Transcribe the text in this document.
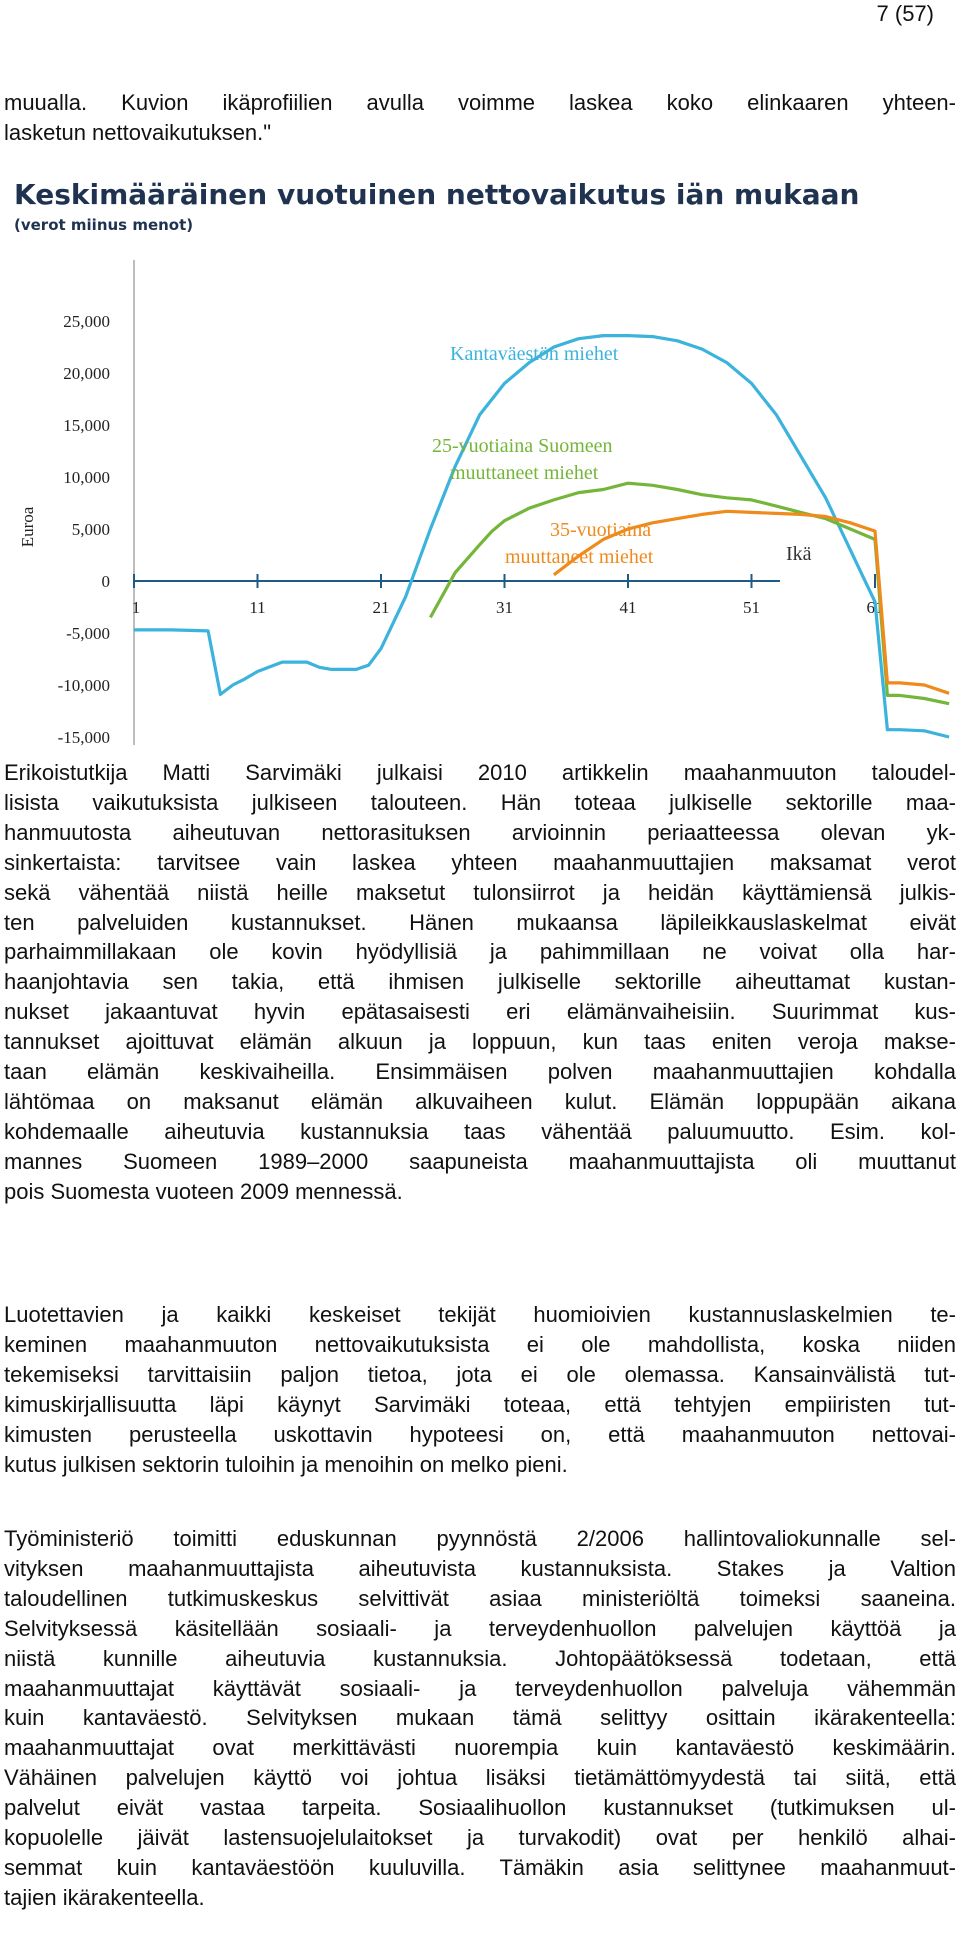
7 (57)

muualla. Kuvion ikäprofiilien avulla voimme laskea koko elinkaaren yhteen-
lasketun nettovaikutuksen."

Keskimääräinen vuotuinen nettovaikutus iän mukaan
(verot miinus menot)
Euroa
Ikä
25,000
20,000
15,000
10,000
5,000
0
-5,000
-10,000
-15,000
1	11	21	31	41	51	61
Kantaväestön miehet
25-vuotiaina Suomeen
muuttaneet miehet
35-vuotiaina
muuttaneet miehet

Erikoistutkija Matti Sarvimäki julkaisi 2010 artikkelin maahanmuuton taloudel-
lisista vaikutuksista julkiseen talouteen. Hän toteaa julkiselle sektorille maa-
hanmuutosta aiheutuvan nettorasituksen arvioinnin periaatteessa olevan yk-
sinkertaista: tarvitsee vain laskea yhteen maahanmuuttajien maksamat verot
sekä vähentää niistä heille maksetut tulonsiirrot ja heidän käyttämiensä julkis-
ten palveluiden kustannukset. Hänen mukaansa läpileikkauslaskelmat eivät
parhaimmillakaan ole kovin hyödyllisiä ja pahimmillaan ne voivat olla har-
haanjohtavia sen takia, että ihmisen julkiselle sektorille aiheuttamat kustan-
nukset jakaantuvat hyvin epätasaisesti eri elämänvaiheisiin. Suurimmat kus-
tannukset ajoittuvat elämän alkuun ja loppuun, kun taas eniten veroja makse-
taan elämän keskivaiheilla. Ensimmäisen polven maahanmuuttajien kohdalla
lähtömaa on maksanut elämän alkuvaiheen kulut. Elämän loppupään aikana
kohdemaalle aiheutuvia kustannuksia taas vähentää paluumuutto. Esim. kol-
mannes Suomeen 1989–2000 saapuneista maahanmuuttajista oli muuttanut
pois Suomesta vuoteen 2009 mennessä.

Luotettavien ja kaikki keskeiset tekijät huomioivien kustannuslaskelmien te-
keminen maahanmuuton nettovaikutuksista ei ole mahdollista, koska niiden
tekemiseksi tarvittaisiin paljon tietoa, jota ei ole olemassa. Kansainvälistä tut-
kimuskirjallisuutta läpi käynyt Sarvimäki toteaa, että tehtyjen empiiristen tut-
kimusten perusteella uskottavin hypoteesi on, että maahanmuuton nettovai-
kutus julkisen sektorin tuloihin ja menoihin on melko pieni.

Työministeriö toimitti eduskunnan pyynnöstä 2/2006 hallintovaliokunnalle sel-
vityksen maahanmuuttajista aiheutuvista kustannuksista. Stakes ja Valtion
taloudellinen tutkimuskeskus selvittivät asiaa ministeriöltä toimeksi saaneina.
Selvityksessä käsitellään sosiaali- ja terveydenhuollon palvelujen käyttöä ja
niistä kunnille aiheutuvia kustannuksia. Johtopäätöksessä todetaan, että
maahanmuuttajat käyttävät sosiaali- ja terveydenhuollon palveluja vähemmän
kuin kantaväestö. Selvityksen mukaan tämä selittyy osittain ikärakenteella:
maahanmuuttajat ovat merkittävästi nuorempia kuin kantaväestö keskimäärin.
Vähäinen palvelujen käyttö voi johtua lisäksi tietämättömyydestä tai siitä, että
palvelut eivät vastaa tarpeita. Sosiaalihuollon kustannukset (tutkimuksen ul-
kopuolelle jäivät lastensuojelulaitokset ja turvakodit) ovat per henkilö alhai-
semmat kuin kantaväestöön kuuluvilla. Tämäkin asia selittynee maahanmuut-
tajien ikärakenteella.
